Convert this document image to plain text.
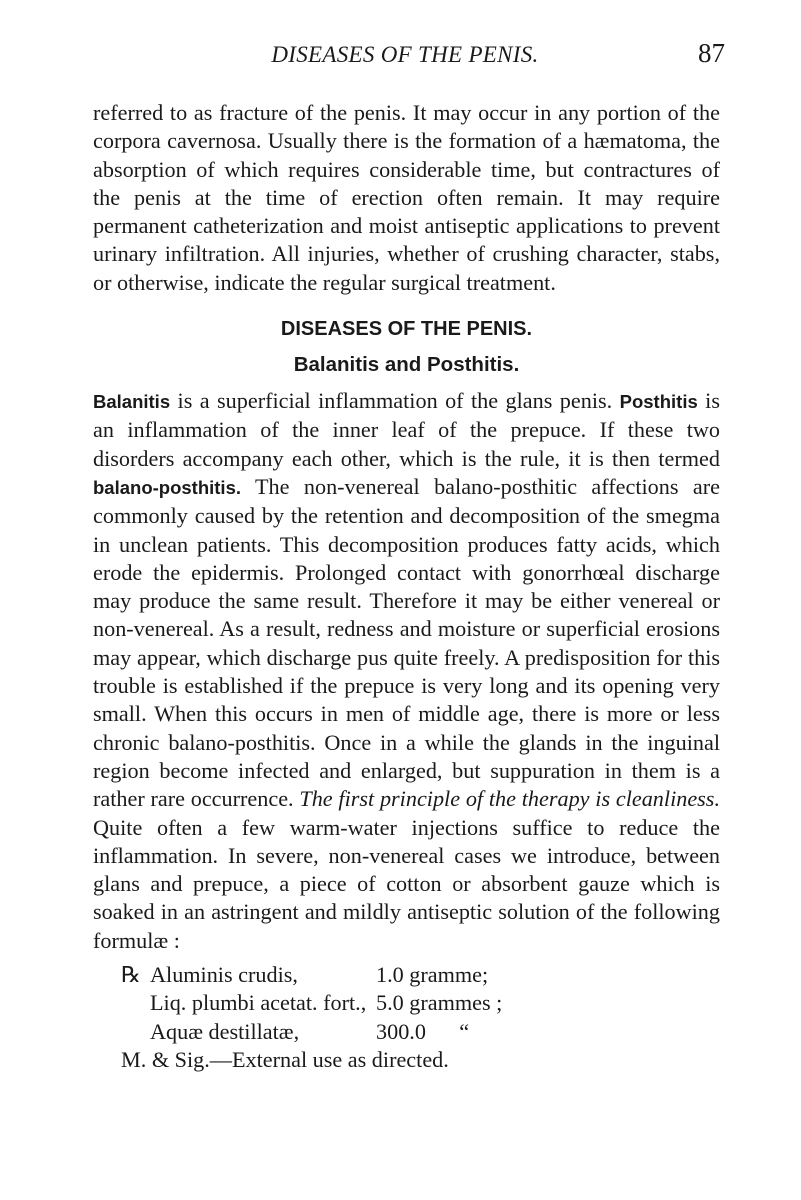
DISEASES OF THE PENIS.	87

referred to as fracture of the penis. It may occur in any portion of the corpora cavernosa. Usually there is the formation of a hæmatoma, the absorption of which requires considerable time, but contractures of the penis at the time of erection often remain. It may require permanent catheterization and moist antiseptic applications to prevent urinary infiltration. All injuries, whether of crushing character, stabs, or otherwise, indicate the regular surgical treatment.

DISEASES OF THE PENIS.
Balanitis and Posthitis.

Balanitis is a superficial inflammation of the glans penis. Posthitis is an inflammation of the inner leaf of the prepuce. If these two disorders accompany each other, which is the rule, it is then termed balano-posthitis. The non-venereal balano-posthitic affections are commonly caused by the retention and decomposition of the smegma in unclean patients. This decomposition produces fatty acids, which erode the epidermis. Prolonged contact with gonorrhœal discharge may produce the same result. Therefore it may be either venereal or non-venereal. As a result, redness and moisture or superficial erosions may appear, which discharge pus quite freely. A predisposition for this trouble is established if the prepuce is very long and its opening very small. When this occurs in men of middle age, there is more or less chronic balano-posthitis. Once in a while the glands in the inguinal region become infected and enlarged, but suppuration in them is a rather rare occurrence. The first principle of the therapy is cleanliness. Quite often a few warm-water injections suffice to reduce the inflammation. In severe, non-venereal cases we introduce, between glans and prepuce, a piece of cotton or absorbent gauze which is soaked in an astringent and mildly antiseptic solution of the following formulæ :

℞ Aluminis crudis,	1.0 gramme;
Liq. plumbi acetat. fort., 5.0 grammes ;
Aquæ destillatæ,	300.0      “
M. & Sig.—External use as directed.
